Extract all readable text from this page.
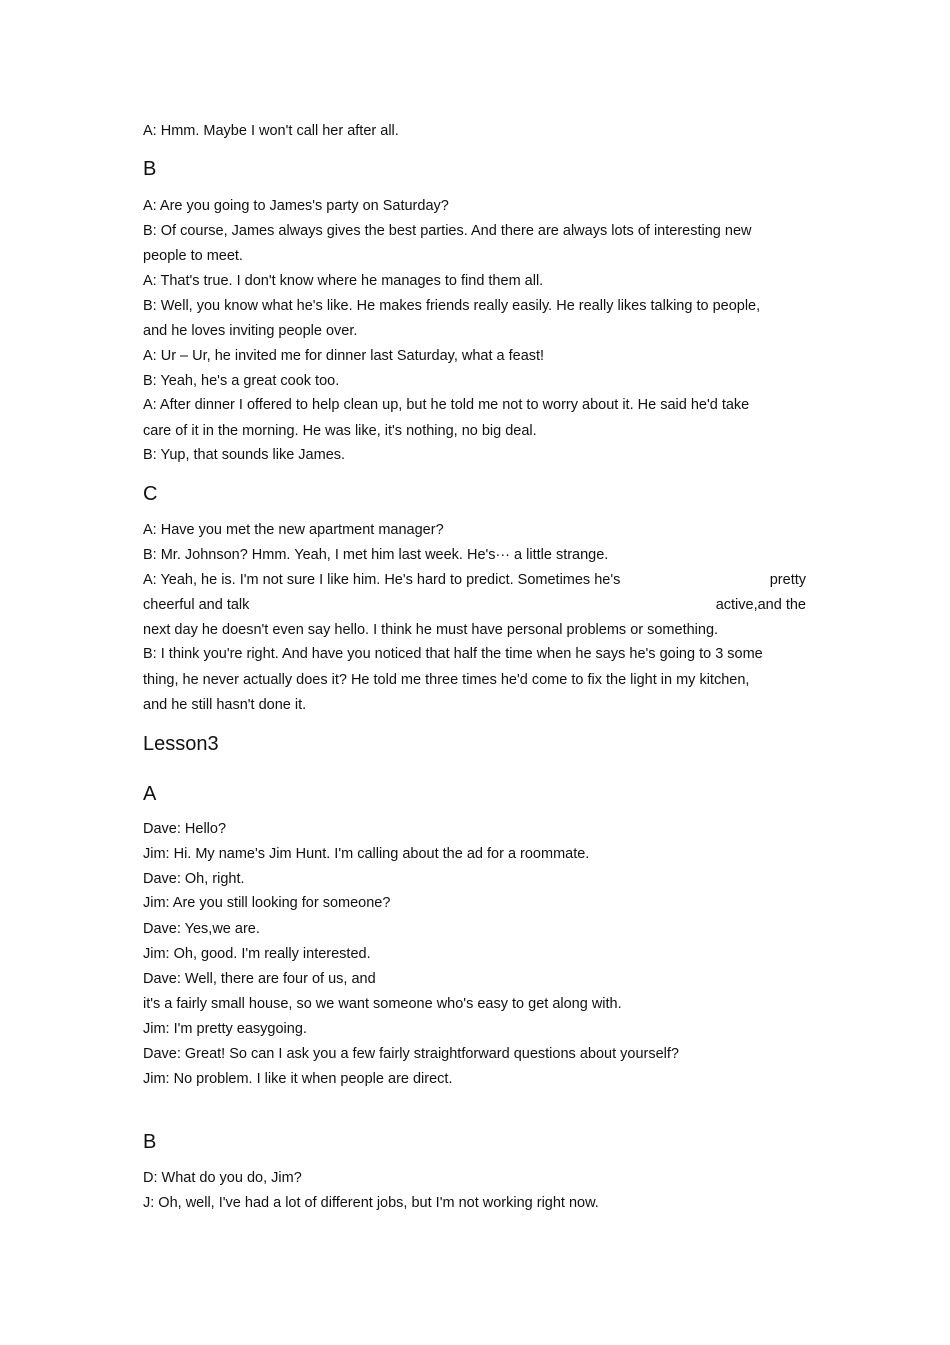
A: Hmm. Maybe I won't call her after all.
B
A: Are you going to James's party on Saturday?
B: Of course, James always gives the best parties. And there are always lots of interesting new
people to meet.
A: That's true. I don't know where he manages to find them all.
B: Well, you know what he's like. He makes friends really easily. He really likes talking to people,
and he loves inviting people over.
A: Ur – Ur, he invited me for dinner last Saturday, what a feast!
B: Yeah, he's a great cook too.
A: After dinner I offered to help clean up, but he told me not to worry about it. He said he'd take
care of it in the morning. He was like, it's nothing, no big deal.
B: Yup, that sounds like James.
C
A: Have you met the new apartment manager?
B: Mr. Johnson? Hmm. Yeah, I met him last week. He's··· a little strange.
A: Yeah, he is. I'm not sure I like him. He's hard to predict. Sometimes he's	pretty
cheerful and talk	active,and the
next day he doesn't even say hello. I think he must have personal problems or something.
B: I think you're right. And have you noticed that half the time when he says he's going to 3 some
thing, he never actually does it? He told me three times he'd come to fix the light in my kitchen,
and he still hasn't done it.
Lesson3
A
Dave: Hello?
Jim: Hi. My name's Jim Hunt. I'm calling about the ad for a roommate.
Dave: Oh, right.
Jim: Are you still looking for someone?
Dave: Yes,we are.
Jim: Oh, good. I'm really interested.
Dave: Well, there are four of us, and
it's a fairly small house, so we want someone who's easy to get along with.
Jim: I'm pretty easygoing.
Dave: Great! So can I ask you a few fairly straightforward questions about yourself?
Jim: No problem. I like it when people are direct.
B
D: What do you do, Jim?
J: Oh, well, I've had a lot of different jobs, but I'm not working right now.
